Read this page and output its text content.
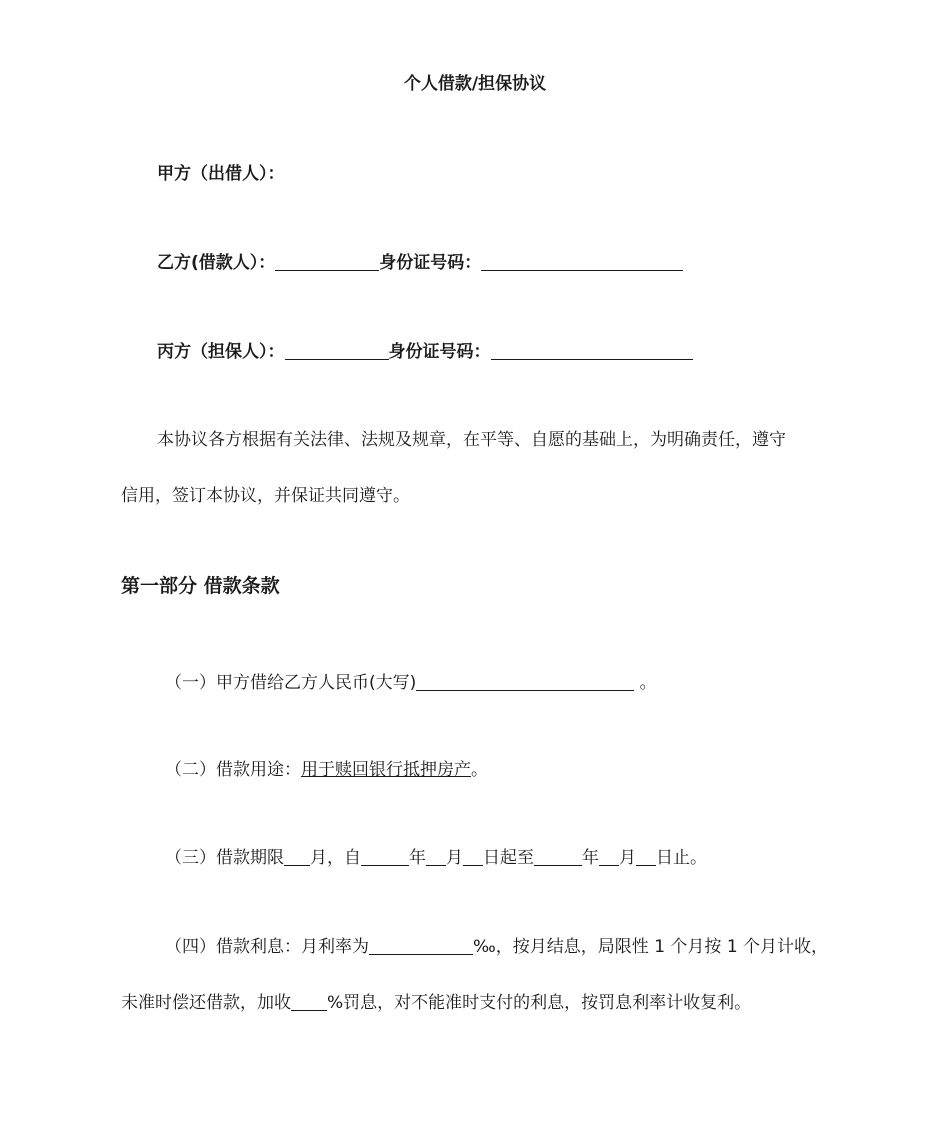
个人借款/担保协议
甲方（出借人）：
乙方(借款人）：	身份证号码：
丙方（担保人）：	身份证号码：
本协议各方根据有关法律、法规及规章，在平等、自愿的基础上，为明确责任，遵守
信用，签订本协议，并保证共同遵守。
第一部分 借款条款
（一）甲方借给乙方人民币(大写)	。
（二）借款用途：用于赎回银行抵押房产。
（三）借款期限 月，自	年 月 日起至	年 月 日止。
（四）借款利息：月利率为	‰，按月结息，局限性 1 个月按 1 个月计收，
未准时偿还借款，加收 %罚息，对不能准时支付的利息，按罚息利率计收复利。
